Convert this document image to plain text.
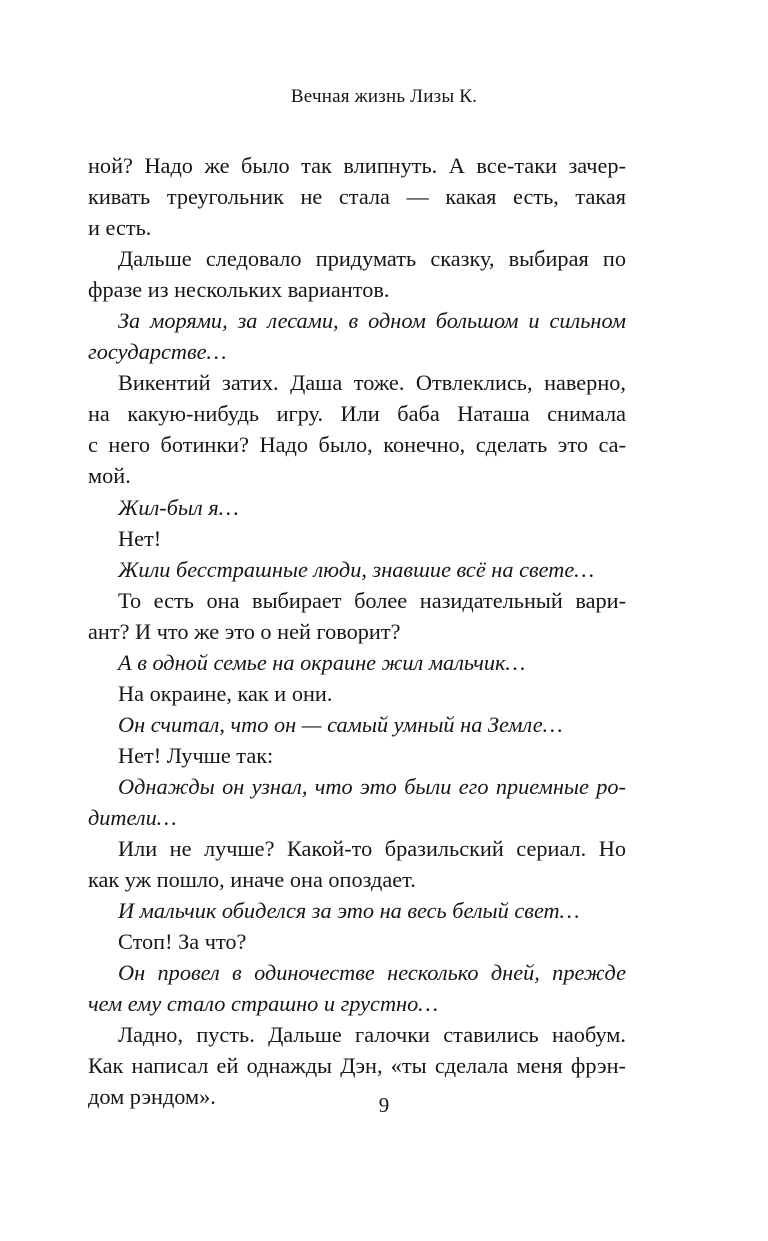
Вечная жизнь Лизы К.
ной? Надо же было так влипнуть. А все-таки зачер-
кивать треугольник не стала — какая есть, такая
и есть.
Дальше следовало придумать сказку, выбирая по
фразе из нескольких вариантов.
За морями, за лесами, в одном большом и сильном
государстве…
Викентий затих. Даша тоже. Отвлеклись, наверно,
на какую-нибудь игру. Или баба Наташа снимала
с него ботинки? Надо было, конечно, сделать это са-
мой.
Жил-был я…
Нет!
Жили бесстрашные люди, знавшие всё на свете…
То есть она выбирает более назидательный вари-
ант? И что же это о ней говорит?
А в одной семье на окраине жил мальчик…
На окраине, как и они.
Он считал, что он — самый умный на Земле…
Нет! Лучше так:
Однажды он узнал, что это были его приемные ро-
дители…
Или не лучше? Какой-то бразильский сериал. Но
как уж пошло, иначе она опоздает.
И мальчик обиделся за это на весь белый свет…
Стоп! За что?
Он провел в одиночестве несколько дней, прежде
чем ему стало страшно и грустно…
Ладно, пусть. Дальше галочки ставились наобум.
Как написал ей однажды Дэн, «ты сделала меня фрэн-
дом рэндом».	9
